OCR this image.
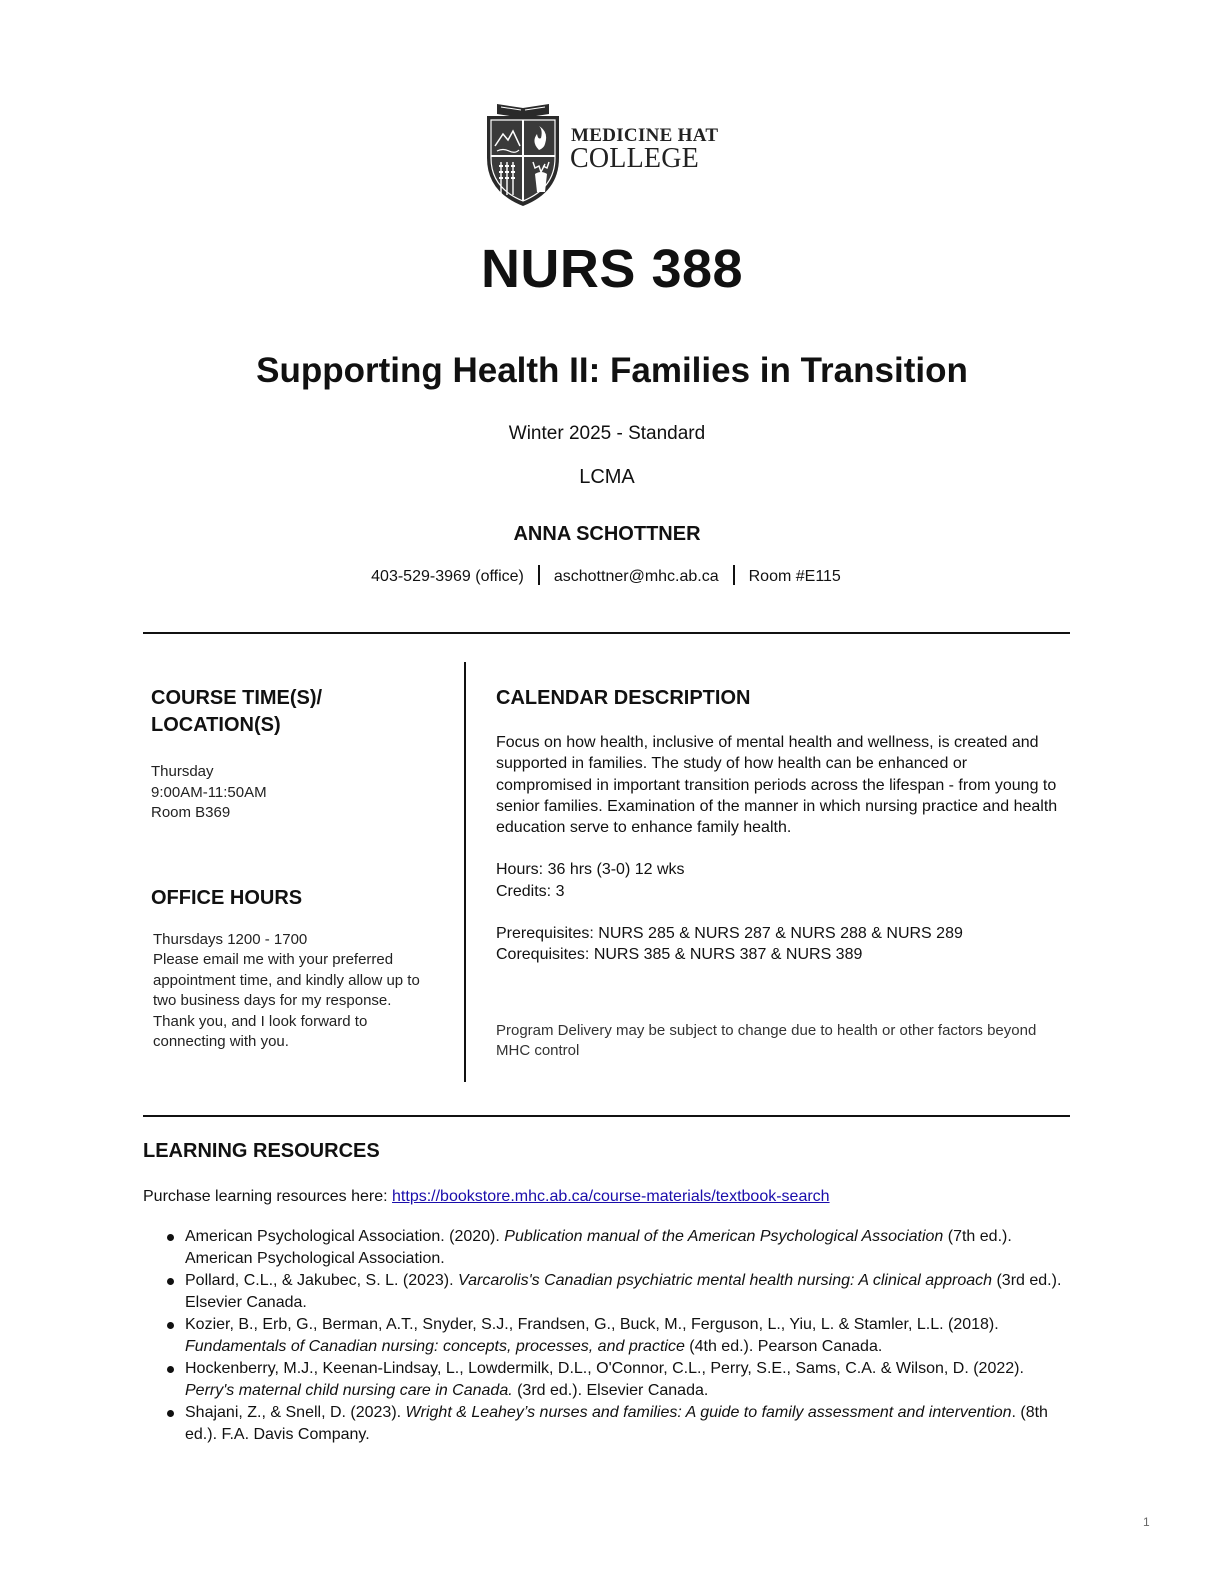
MEDICINE HAT
COLLEGE
NURS 388
Supporting Health II: Families in Transition
Winter 2025 - Standard
LCMA
ANNA SCHOTTNER
403-529-3969 (office) aschottner@mhc.ab.ca Room #E115
COURSE TIME(S)/
LOCATION(S)
Thursday
9:00AM-11:50AM
Room B369
OFFICE HOURS
Thursdays 1200 - 1700
Please email me with your preferred
appointment time, and kindly allow up to
two business days for my response.
Thank you, and I look forward to
connecting with you.
CALENDAR DESCRIPTION
Focus on how health, inclusive of mental health and wellness, is created and supported in families. The study of how health can be enhanced or compromised in important transition periods across the lifespan - from young to senior families. Examination of the manner in which nursing practice and health education serve to enhance family health.
Hours: 36 hrs (3-0) 12 wks
Credits: 3
Prerequisites: NURS 285 & NURS 287 & NURS 288 & NURS 289
Corequisites: NURS 385 & NURS 387 & NURS 389
Program Delivery may be subject to change due to health or other factors beyond MHC control
LEARNING RESOURCES
Purchase learning resources here: https://bookstore.mhc.ab.ca/course-materials/textbook-search
American Psychological Association. (2020). Publication manual of the American Psychological Association (7th ed.). American Psychological Association.
Pollard, C.L., & Jakubec, S. L. (2023). Varcarolis's Canadian psychiatric mental health nursing: A clinical approach (3rd ed.). Elsevier Canada.
Kozier, B., Erb, G., Berman, A.T., Snyder, S.J., Frandsen, G., Buck, M., Ferguson, L., Yiu, L. & Stamler, L.L. (2018). Fundamentals of Canadian nursing: concepts, processes, and practice (4th ed.). Pearson Canada.
Hockenberry, M.J., Keenan-Lindsay, L., Lowdermilk, D.L., O'Connor, C.L., Perry, S.E., Sams, C.A. & Wilson, D. (2022). Perry's maternal child nursing care in Canada. (3rd ed.). Elsevier Canada.
Shajani, Z., & Snell, D. (2023). Wright & Leahey’s nurses and families: A guide to family assessment and intervention. (8th ed.). F.A. Davis Company.
1
